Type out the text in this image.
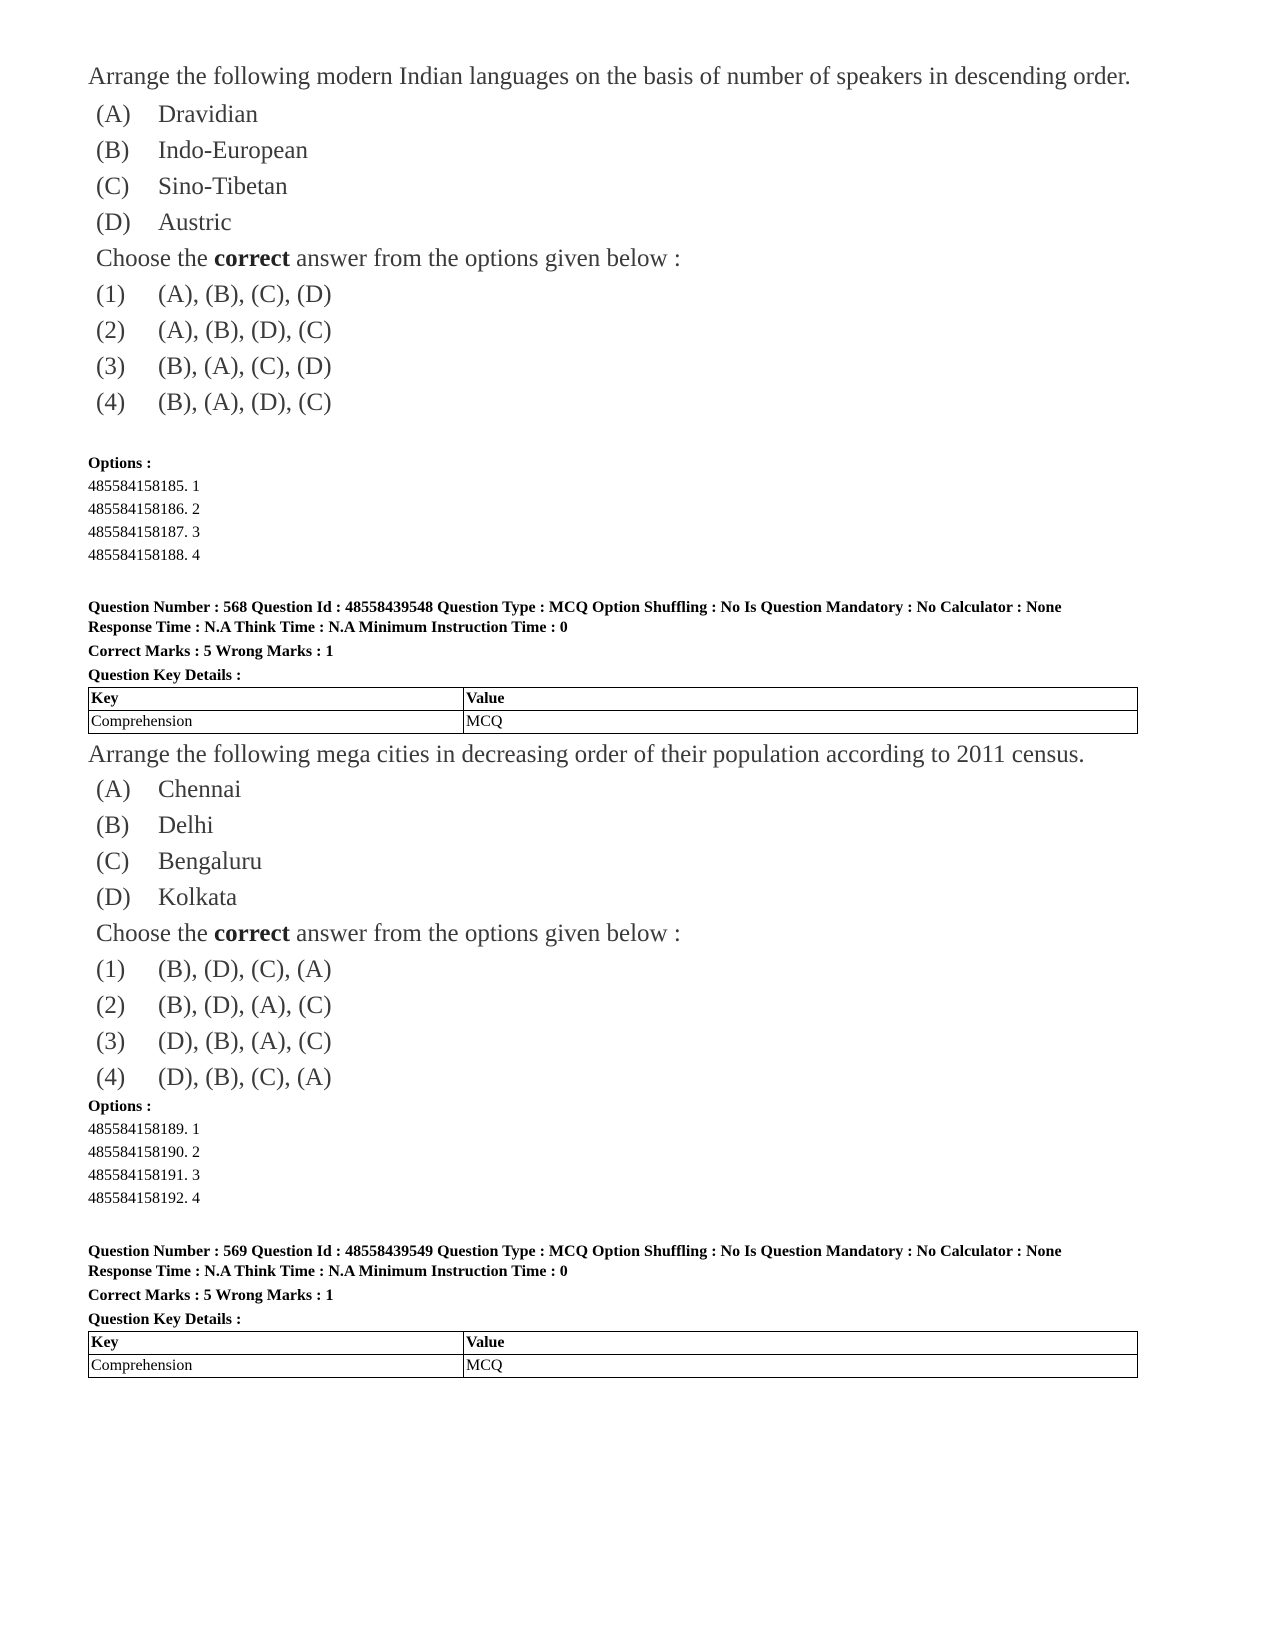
Arrange the following modern Indian languages on the basis of number of speakers in descending order.

(A) Dravidian
(B) Indo-European
(C) Sino-Tibetan
(D) Austric
Choose the correct answer from the options given below :
(1) (A), (B), (C), (D)
(2) (A), (B), (D), (C)
(3) (B), (A), (C), (D)
(4) (B), (A), (D), (C)
Options :
485584158185. 1
485584158186. 2
485584158187. 3
485584158188. 4
Question Number : 568 Question Id : 48558439548 Question Type : MCQ Option Shuffling : No Is Question Mandatory : No Calculator : None
Response Time : N.A Think Time : N.A Minimum Instruction Time : 0
Correct Marks : 5 Wrong Marks : 1
Question Key Details :
Key	Value
Comprehension	MCQ

Arrange the following mega cities in decreasing order of their population according to 2011 census.

(A) Chennai
(B) Delhi
(C) Bengaluru
(D) Kolkata
Choose the correct answer from the options given below :
(1) (B), (D), (C), (A)
(2) (B), (D), (A), (C)
(3) (D), (B), (A), (C)
(4) (D), (B), (C), (A)
Options :
485584158189. 1
485584158190. 2
485584158191. 3
485584158192. 4
Question Number : 569 Question Id : 48558439549 Question Type : MCQ Option Shuffling : No Is Question Mandatory : No Calculator : None
Response Time : N.A Think Time : N.A Minimum Instruction Time : 0
Correct Marks : 5 Wrong Marks : 1
Question Key Details :
Key	Value
Comprehension	MCQ
